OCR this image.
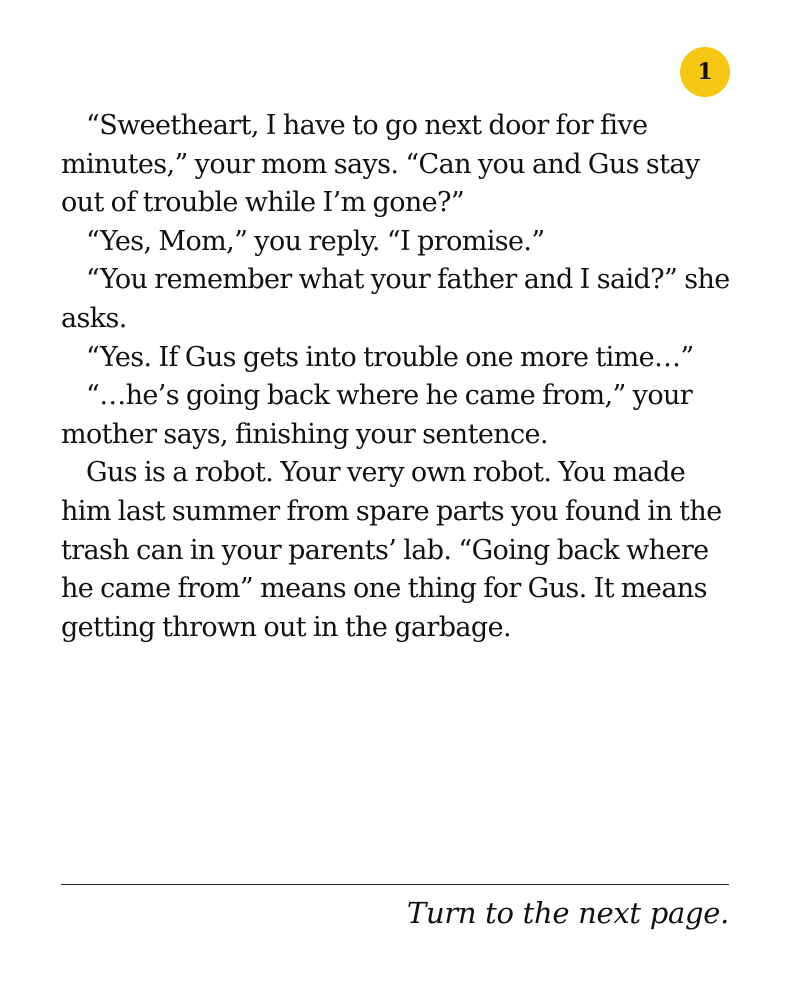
1

“Sweetheart, I have to go next door for five minutes,” your mom says. “Can you and Gus stay out of trouble while I’m gone?”

“Yes, Mom,” you reply. “I promise.”

“You remember what your father and I said?” she asks.

“Yes. If Gus gets into trouble one more time…”

“…he’s going back where he came from,” your mother says, finishing your sentence.

Gus is a robot. Your very own robot. You made him last summer from spare parts you found in the trash can in your parents’ lab. “Going back where he came from” means one thing for Gus. It means getting thrown out in the garbage.

Turn to the next page.
